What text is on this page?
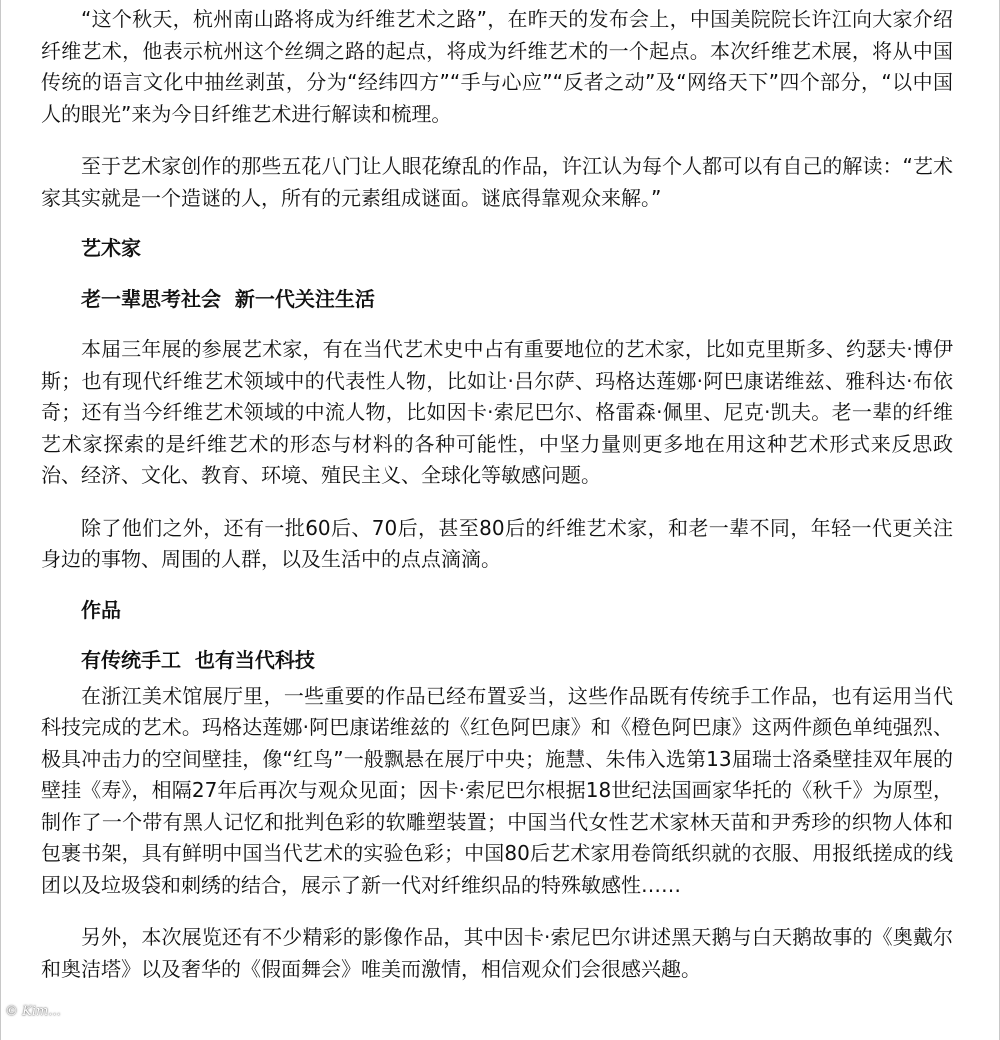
“这个秋天，杭州南山路将成为纤维艺术之路”，在昨天的发布会上，中国美院院长许江向大家介绍纤维艺术，他表示杭州这个丝绸之路的起点，将成为纤维艺术的一个起点。本次纤维艺术展，将从中国传统的语言文化中抽丝剥茧，分为“经纬四方”“手与心应”“反者之动”及“网络天下”四个部分，“以中国人的眼光”来为今日纤维艺术进行解读和梳理。

至于艺术家创作的那些五花八门让人眼花缭乱的作品，许江认为每个人都可以有自己的解读：“艺术家其实就是一个造谜的人，所有的元素组成谜面。谜底得靠观众来解。”

艺术家
老一辈思考社会  新一代关注生活

本届三年展的参展艺术家，有在当代艺术史中占有重要地位的艺术家，比如克里斯多、约瑟夫·博伊斯；也有现代纤维艺术领域中的代表性人物，比如让·吕尔萨、玛格达莲娜·阿巴康诺维兹、雅科达·布依奇；还有当今纤维艺术领域的中流人物，比如因卡·索尼巴尔、格雷森·佩里、尼克·凯夫。老一辈的纤维艺术家探索的是纤维艺术的形态与材料的各种可能性，中坚力量则更多地在用这种艺术形式来反思政治、经济、文化、教育、环境、殖民主义、全球化等敏感问题。

除了他们之外，还有一批60后、70后，甚至80后的纤维艺术家，和老一辈不同，年轻一代更关注身边的事物、周围的人群，以及生活中的点点滴滴。

作品
有传统手工  也有当代科技

在浙江美术馆展厅里，一些重要的作品已经布置妥当，这些作品既有传统手工作品，也有运用当代科技完成的艺术。玛格达莲娜·阿巴康诺维兹的《红色阿巴康》和《橙色阿巴康》这两件颜色单纯强烈、极具冲击力的空间壁挂，像“红鸟”一般飘悬在展厅中央；施慧、朱伟入选第13届瑞士洛桑壁挂双年展的壁挂《寿》，相隔27年后再次与观众见面；因卡·索尼巴尔根据18世纪法国画家华托的《秋千》为原型，制作了一个带有黑人记忆和批判色彩的软雕塑装置；中国当代女性艺术家林天苗和尹秀珍的织物人体和包裹书架，具有鲜明中国当代艺术的实验色彩；中国80后艺术家用卷筒纸织就的衣服、用报纸搓成的线团以及垃圾袋和刺绣的结合，展示了新一代对纤维织品的特殊敏感性……

另外，本次展览还有不少精彩的影像作品，其中因卡·索尼巴尔讲述黑天鹅与白天鹅故事的《奥戴尔和奥洁塔》以及奢华的《假面舞会》唯美而激情，相信观众们会很感兴趣。

© Kim...
